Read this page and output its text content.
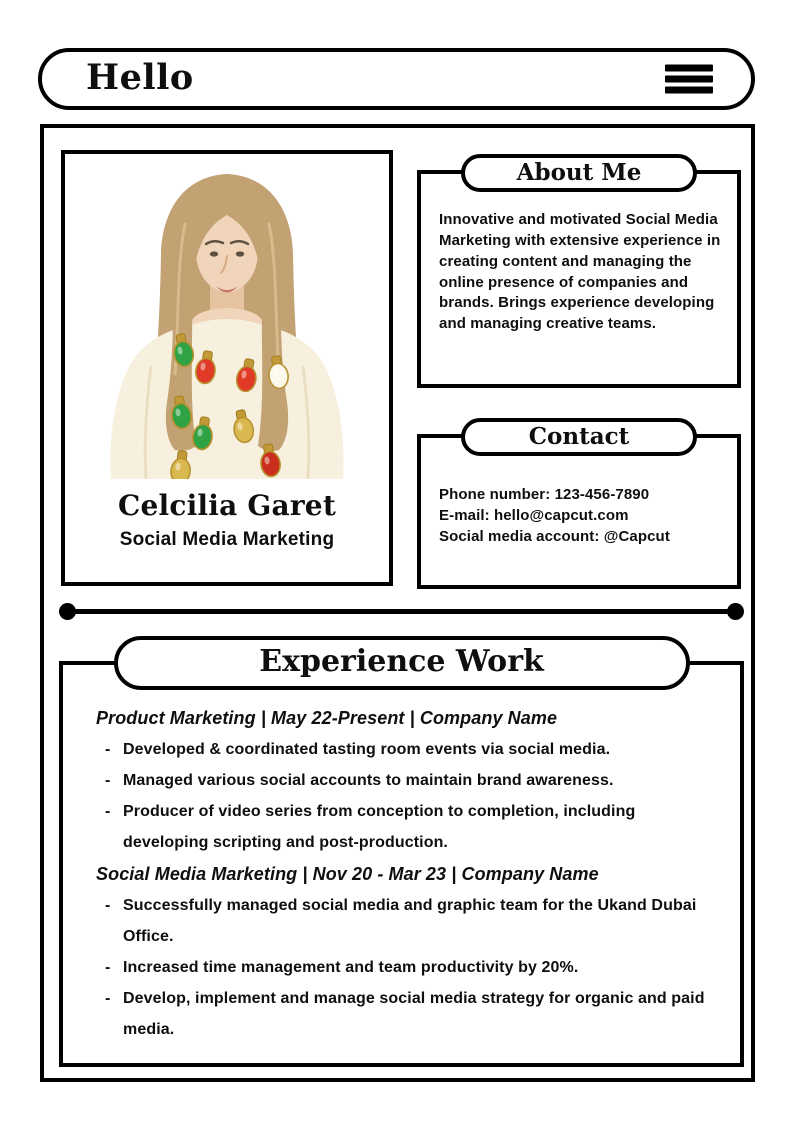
Hello
Celcilia Garet
Social Media Marketing
About Me
Innovative and motivated Social Media Marketing with extensive experience in creating content and managing the online presence of companies and brands. Brings experience developing and managing creative teams.
Contact
Phone number: 123-456-7890
E-mail: hello@capcut.com
Social media account: @Capcut
Experience Work
Product Marketing | May 22-Present | Company Name
- Developed & coordinated tasting room events via social media.
- Managed various social accounts to maintain brand awareness.
- Producer of video series from conception to completion, including developing scripting and post-production.
Social Media Marketing | Nov 20 - Mar 23 | Company Name
- Successfully managed social media and graphic team for the Ukand Dubai Office.
- Increased time management and team productivity by 20%.
- Develop, implement and manage social media strategy for organic and paid media.
